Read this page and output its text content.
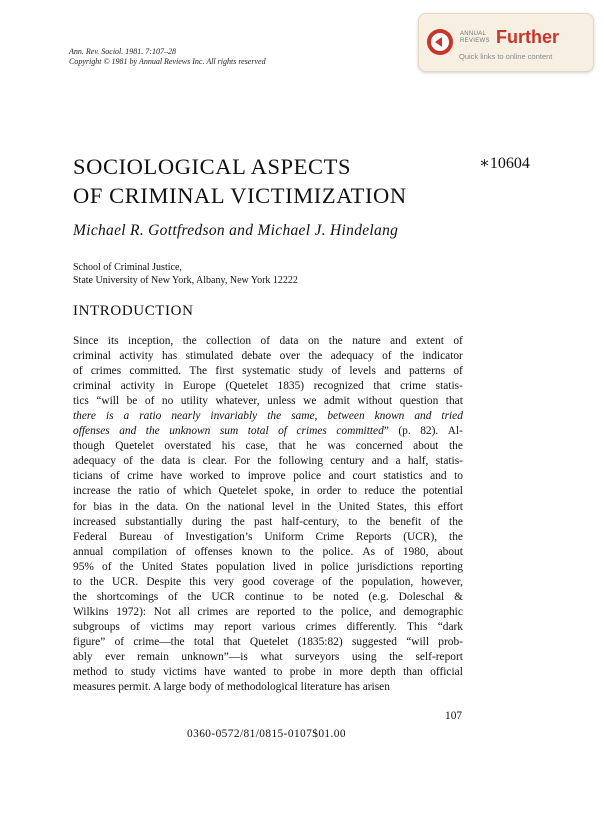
Ann. Rev. Sociol. 1981. 7:107–28
Copyright © 1981 by Annual Reviews Inc. All rights reserved
ANNUAL REVIEWS Further
Quick links to online content
SOCIOLOGICAL ASPECTS
OF CRIMINAL VICTIMIZATION
∗10604
Michael R. Gottfredson and Michael J. Hindelang
School of Criminal Justice,
State University of New York, Albany, New York 12222
INTRODUCTION
Since its inception, the collection of data on the nature and extent of
criminal activity has stimulated debate over the adequacy of the indicator
of crimes committed. The first systematic study of levels and patterns of
criminal activity in Europe (Quetelet 1835) recognized that crime statis-
tics “will be of no utility whatever, unless we admit without question that
there is a ratio nearly invariably the same, between known and tried
offenses and the unknown sum total of crimes committed” (p. 82). Al-
though Quetelet overstated his case, that he was concerned about the
adequacy of the data is clear. For the following century and a half, statis-
ticians of crime have worked to improve police and court statistics and to
increase the ratio of which Quetelet spoke, in order to reduce the potential
for bias in the data. On the national level in the United States, this effort
increased substantially during the past half-century, to the benefit of the
Federal Bureau of Investigation’s Uniform Crime Reports (UCR), the
annual compilation of offenses known to the police. As of 1980, about
95% of the United States population lived in police jurisdictions reporting
to the UCR. Despite this very good coverage of the population, however,
the shortcomings of the UCR continue to be noted (e.g. Doleschal &
Wilkins 1972): Not all crimes are reported to the police, and demographic
subgroups of victims may report various crimes differently. This “dark
figure” of crime—the total that Quetelet (1835:82) suggested “will prob-
ably ever remain unknown”—is what surveyors using the self-report
method to study victims have wanted to probe in more depth than official
measures permit. A large body of methodological literature has arisen
107
0360-0572/81/0815-0107$01.00
